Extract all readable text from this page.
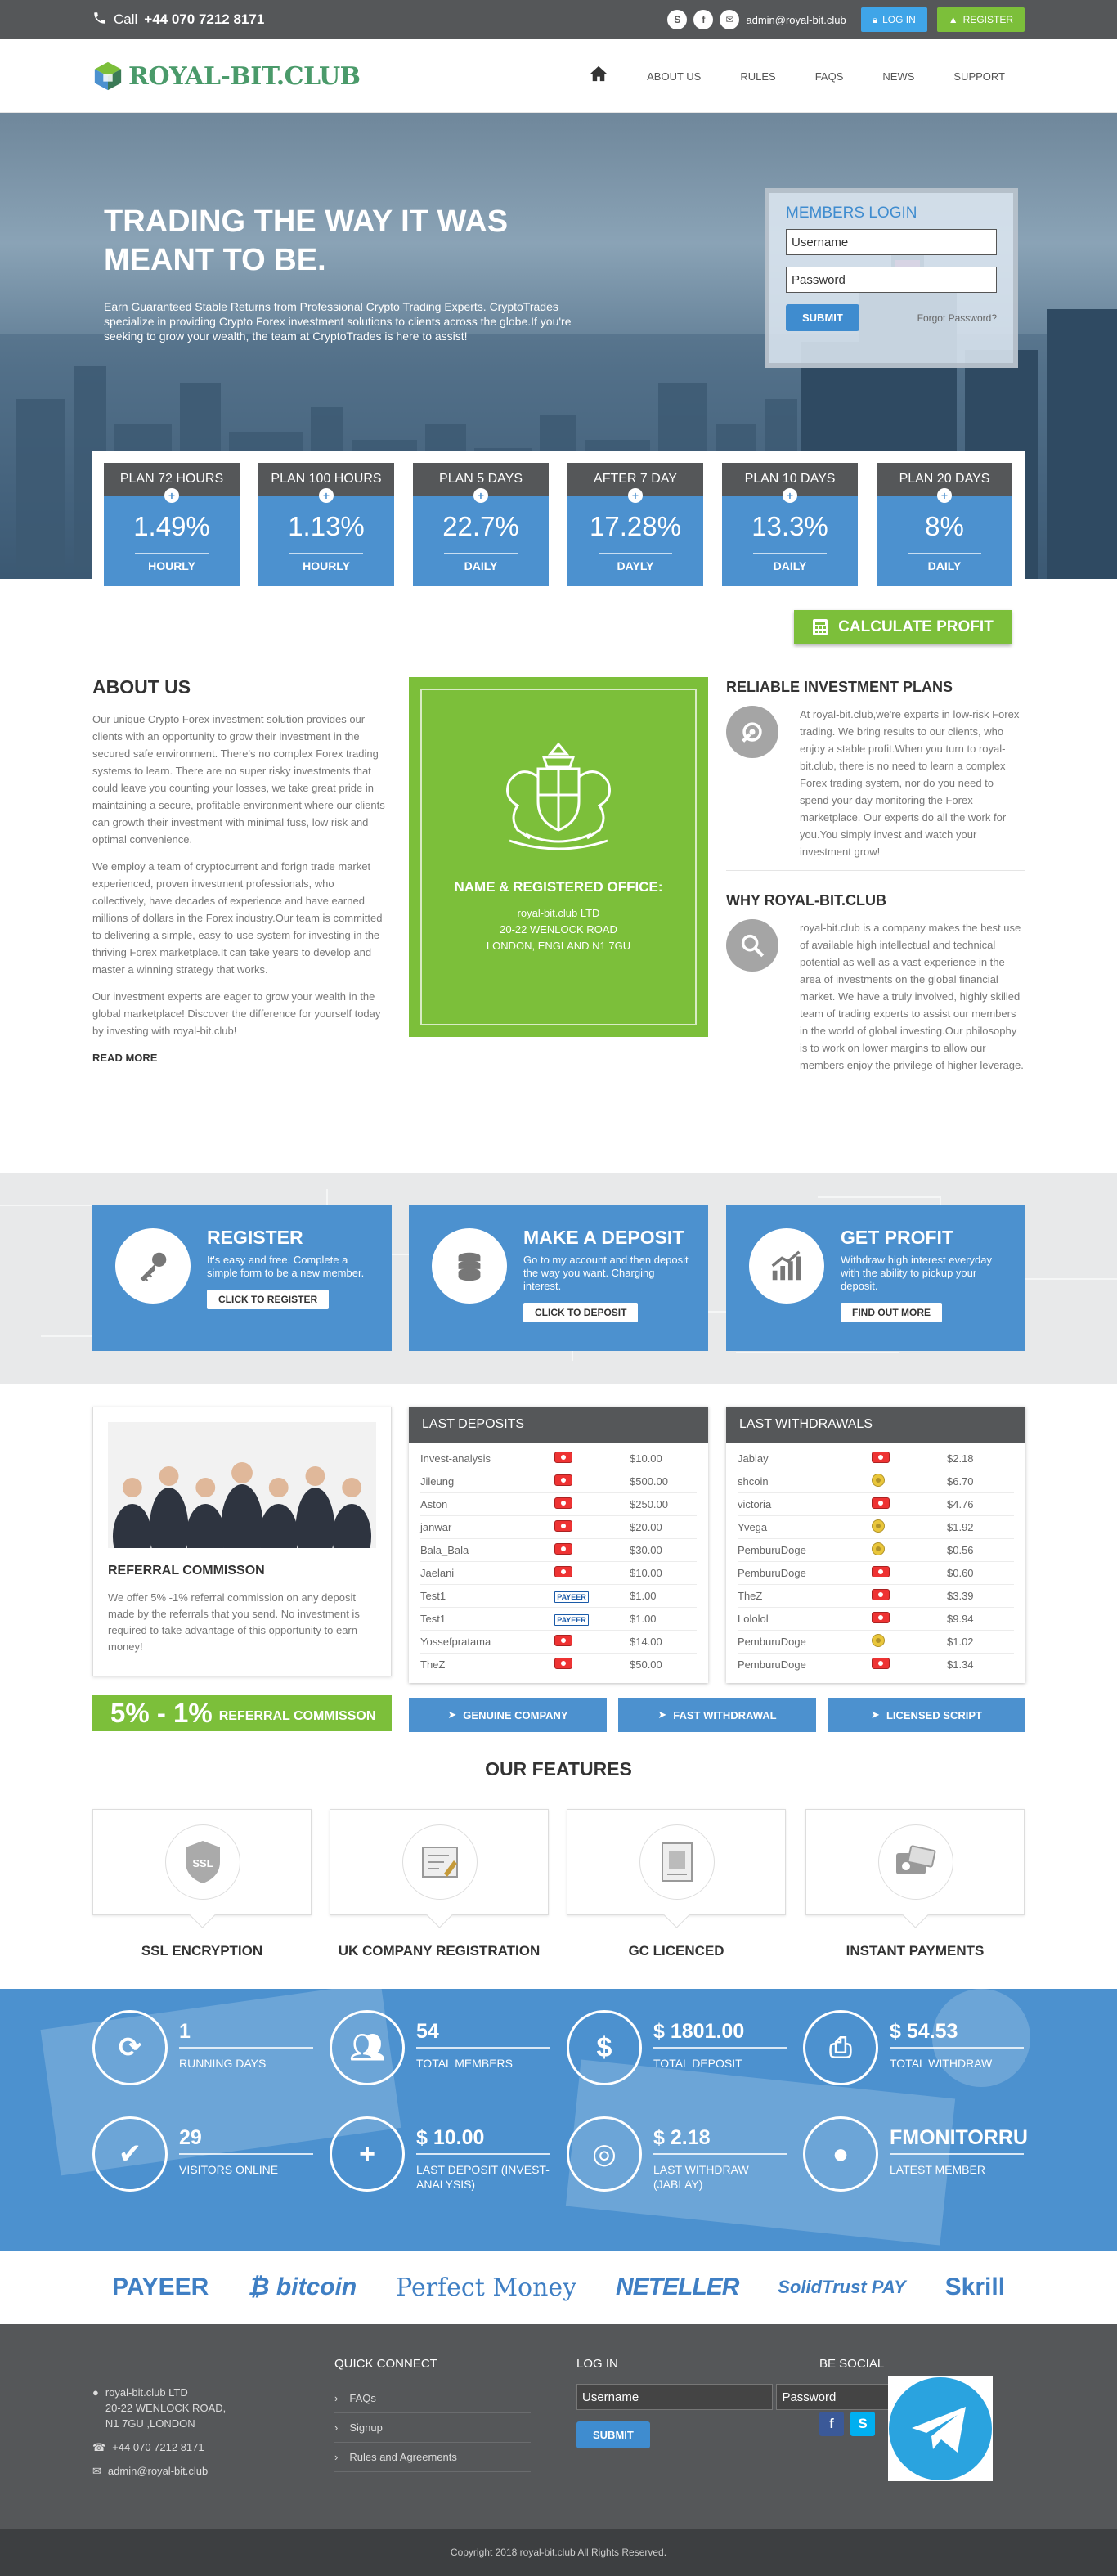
Call +44 070 7212 8171	S	f	✉	admin@royal-bit.club	🔒︎ LOG IN	▲ REGISTER
ROYAL-BIT.CLUB	ABOUT US	RULES	FAQS	NEWS	SUPPORT
TRADING THE WAY IT WAS MEANT TO BE.

Earn Guaranteed Stable Returns from Professional Crypto Trading Experts. CryptoTrades specialize in providing Crypto Forex investment solutions to clients across the globe.If you're seeking to grow your wealth, the team at CryptoTrades is here to assist!

MEMBERS LOGIN
Username Password
SUBMIT	Forgot Password?
PLAN 72 HOURS
+
1.49%
HOURLY
PLAN 100 HOURS
+
1.13%
HOURLY
PLAN 5 DAYS
+
22.7%
DAILY
AFTER 7 DAY
+
17.28%
DAYLY
PLAN 10 DAYS
+
13.3%
DAILY
PLAN 20 DAYS
+
8%
DAILY
CALCULATE PROFIT
ABOUT US

Our unique Crypto Forex investment solution provides our clients with an opportunity to grow their investment in the secured safe environment. There's no complex Forex trading systems to learn. There are no super risky investments that could leave you counting your losses, we take great pride in maintaining a secure, profitable environment where our clients can growth their investment with minimal fuss, low risk and optimal convenience.

We employ a team of cryptocurrent and forign trade market experienced, proven investment professionals, who collectively, have decades of experience and have earned millions of dollars in the Forex industry.Our team is committed to delivering a simple, easy-to-use system for investing in the thriving Forex marketplace.It can take years to develop and master a winning strategy that works.

Our investment experts are eager to grow your wealth in the global marketplace! Discover the difference for yourself today by investing with royal-bit.club!

READ MORE
NAME & REGISTERED OFFICE:
royal-bit.club LTD
20-22 WENLOCK ROAD
LONDON, ENGLAND N1 7GU
RELIABLE INVESTMENT PLANS

At royal-bit.club,we're experts in low-risk Forex trading. We bring results to our clients, who enjoy a stable profit.When you turn to royal-bit.club, there is no need to learn a complex Forex trading system, nor do you need to spend your day monitoring the Forex marketplace. Our experts do all the work for you.You simply invest and watch your investment grow!

WHY ROYAL-BIT.CLUB

royal-bit.club is a company makes the best use of available high intellectual and technical potential as well as a vast experience in the area of investments on the global financial market. We have a truly involved, highly skilled team of trading experts to assist our members in the world of global investing.Our philosophy is to work on lower margins to allow our members enjoy the privilege of higher leverage.

REGISTER

It's easy and free. Complete a simple form to be a new member.

CLICK TO REGISTER
MAKE A DEPOSIT

Go to my account and then deposit the way you want. Charging interest.

CLICK TO DEPOSIT
GET PROFIT

Withdraw high interest everyday with the ability to pickup your deposit.

FIND OUT MORE
REFERRAL COMMISSON

We offer 5% -1% referral commission on any deposit made by the referrals that you send. No investment is required to take advantage of this opportunity to earn money!

LAST DEPOSITS
Invest-analysis	$10.00
Jileung	$500.00
Aston	$250.00
janwar	$20.00
Bala_Bala	$30.00
Jaelani	$10.00
Test1	PAYEER	$1.00
Test1	PAYEER	$1.00
Yossefpratama	$14.00
TheZ	$50.00
LAST WITHDRAWALS
Jablay	$2.18
shcoin	$6.70
victoria	$4.76
Yvega	$1.92
PemburuDoge	$0.56
PemburuDoge	$0.60
TheZ	$3.39
Lololol	$9.94
PemburuDoge	$1.02
PemburuDoge	$1.34
5% - 1% REFERRAL COMMISSON	➤ GENUINE COMPANY	➤ FAST WITHDRAWAL	➤ LICENSED SCRIPT
OUR FEATURES
SSL
SSL ENCRYPTION	UK COMPANY REGISTRATION	GC LICENCED	INSTANT PAYMENTS
⟳
1
RUNNING DAYS	👥︎
54
TOTAL MEMBERS
$
$ 1801.00
TOTAL DEPOSIT
⎙
$ 54.53
TOTAL WITHDRAW
✔
29
VISITORS ONLINE
+
$ 10.00
LAST DEPOSIT (INVEST-ANALYSIS)
◎
$ 2.18
LAST WITHDRAW (JABLAY)
●
FMONITORRU
LATEST MEMBER
PAYEER ₿ bitcoin Perfect Money NETELLER SolidTrust PAY Skrill
● royal-bit.club LTD
20-22 WENLOCK ROAD,
N1 7GU ,LONDON
☎ +44 070 7212 8171
✉ admin@royal-bit.club
QUICK CONNECT
› FAQs
› Signup
› Rules and Agreements
LOG IN
Username Password
SUBMIT
BE SOCIAL
f	S
Copyright 2018 royal-bit.club All Rights Reserved.
